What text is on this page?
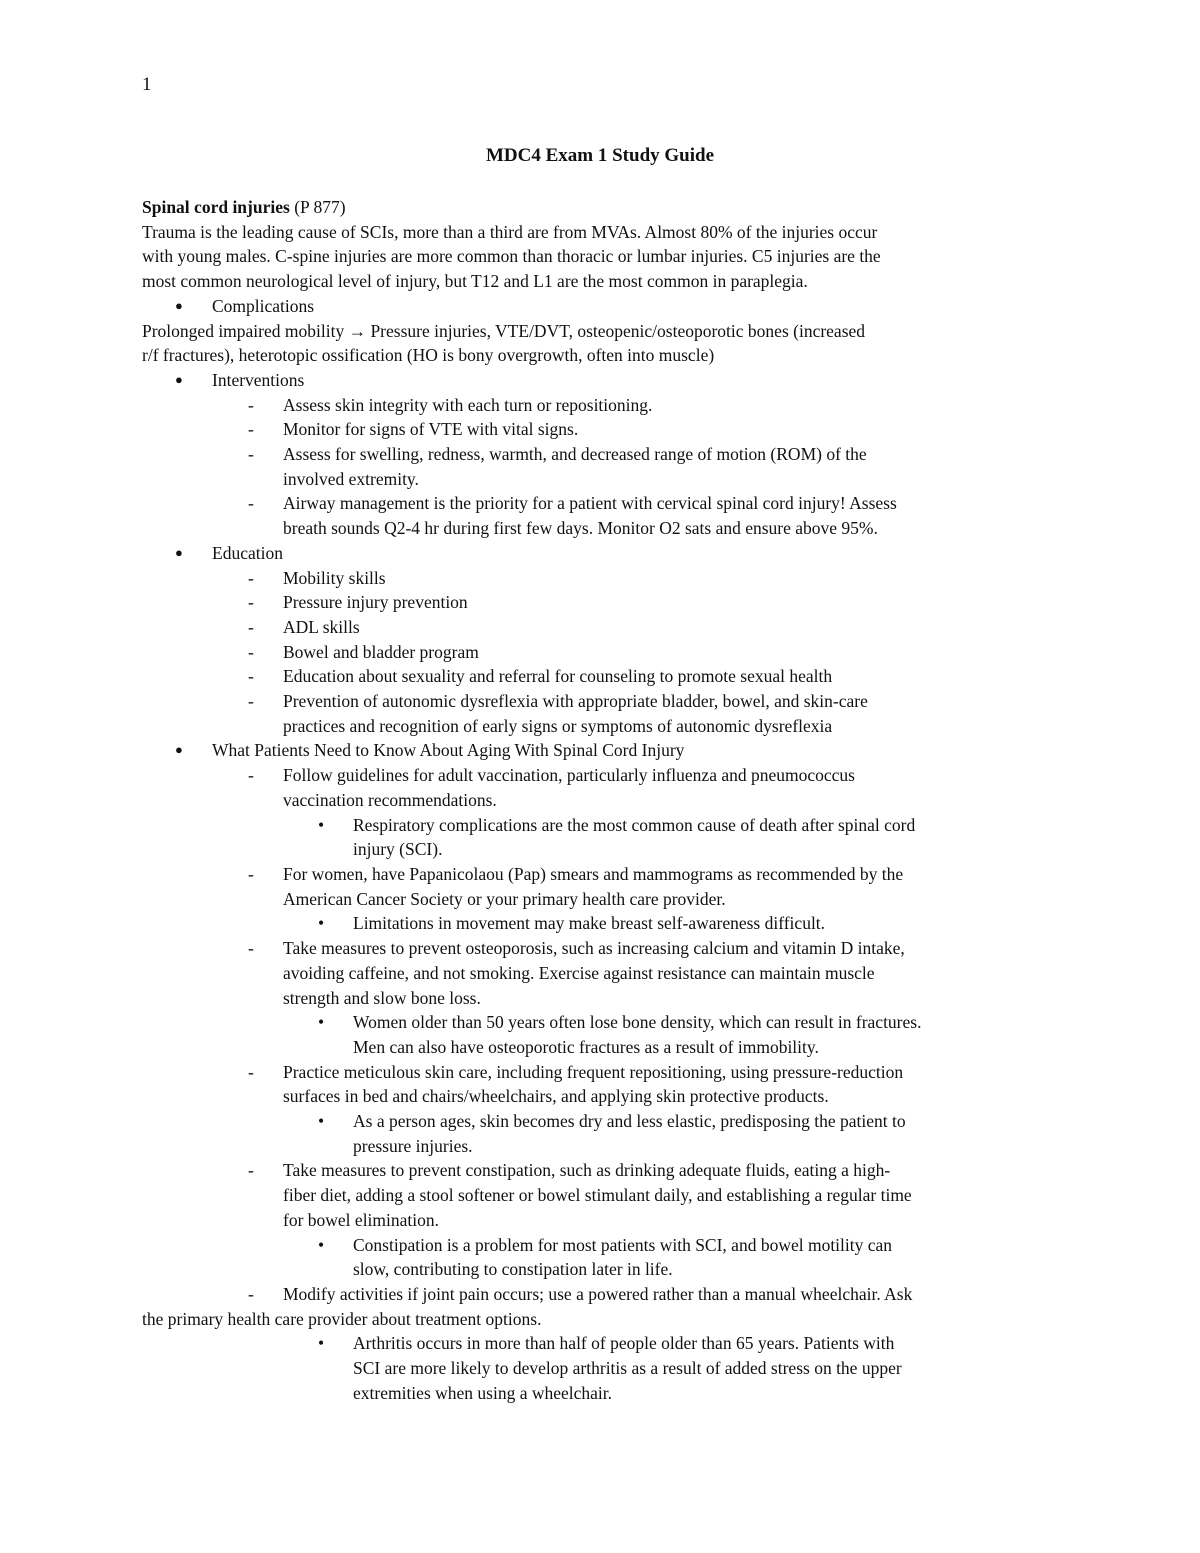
1
MDC4 Exam 1 Study Guide
Spinal cord injuries (P 877)
Trauma is the leading cause of SCIs, more than a third are from MVAs. Almost 80% of the injuries occur
with young males. C-spine injuries are more common than thoracic or lumbar injuries. C5 injuries are the
most common neurological level of injury, but T12 and L1 are the most common in paraplegia.
● Complications
Prolonged impaired mobility → Pressure injuries, VTE/DVT, osteopenic/osteoporotic bones (increased
r/f fractures), heterotopic ossification (HO is bony overgrowth, often into muscle)
● Interventions
- Assess skin integrity with each turn or repositioning.
- Monitor for signs of VTE with vital signs.
- Assess for swelling, redness, warmth, and decreased range of motion (ROM) of the
involved extremity.
- Airway management is the priority for a patient with cervical spinal cord injury! Assess
breath sounds Q2-4 hr during first few days. Monitor O2 sats and ensure above 95%.
● Education
- Mobility skills
- Pressure injury prevention
- ADL skills
- Bowel and bladder program
- Education about sexuality and referral for counseling to promote sexual health
- Prevention of autonomic dysreflexia with appropriate bladder, bowel, and skin-care
practices and recognition of early signs or symptoms of autonomic dysreflexia
● What Patients Need to Know About Aging With Spinal Cord Injury
- Follow guidelines for adult vaccination, particularly influenza and pneumococcus
vaccination recommendations.
• Respiratory complications are the most common cause of death after spinal cord
injury (SCI).
- For women, have Papanicolaou (Pap) smears and mammograms as recommended by the
American Cancer Society or your primary health care provider.
• Limitations in movement may make breast self-awareness difficult.
- Take measures to prevent osteoporosis, such as increasing calcium and vitamin D intake,
avoiding caffeine, and not smoking. Exercise against resistance can maintain muscle
strength and slow bone loss.
• Women older than 50 years often lose bone density, which can result in fractures.
Men can also have osteoporotic fractures as a result of immobility.
- Practice meticulous skin care, including frequent repositioning, using pressure-reduction
surfaces in bed and chairs/wheelchairs, and applying skin protective products.
• As a person ages, skin becomes dry and less elastic, predisposing the patient to
pressure injuries.
- Take measures to prevent constipation, such as drinking adequate fluids, eating a high-
fiber diet, adding a stool softener or bowel stimulant daily, and establishing a regular time
for bowel elimination.
• Constipation is a problem for most patients with SCI, and bowel motility can
slow, contributing to constipation later in life.
- Modify activities if joint pain occurs; use a powered rather than a manual wheelchair. Ask
the primary health care provider about treatment options.
• Arthritis occurs in more than half of people older than 65 years. Patients with
SCI are more likely to develop arthritis as a result of added stress on the upper
extremities when using a wheelchair.
